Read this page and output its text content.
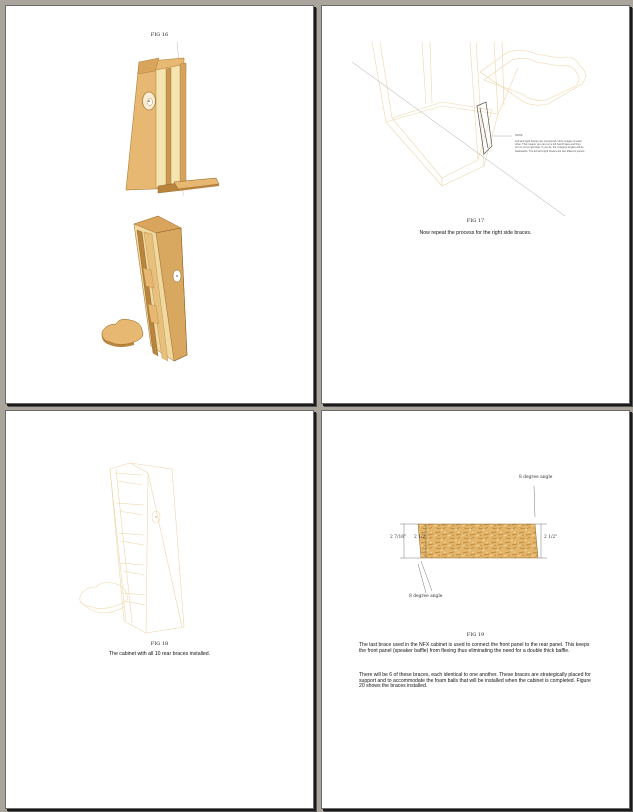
FIG 16

NOTE:

Left and right braces are compound mirror images of each other. That means you can cut a left hand brace and then turn to cut a right side. If you do, the 4 degree angles will be backwards. The left and right braces are two different pieces.

FIG 17

Now repeat the process for the right side braces.

FIG 18

The cabinet with all 10 rear braces installed.

8 degree angle

2 7/16" 2 1/2	2 1/2"

8 degree angle

FIG 19

The last brace used in the NFX cabinet is used to connect the front panel to the rear panel. This keeps the front panel (speaker baffle) from flexing thus eliminating the need for a double thick baffle.

There will be 6 of these braces, each identical to one another. These braces are strategically placed for support and to accommodate the foam balls that will be installed when the cabinet is completed. Figure 20 shows the braces installed.
